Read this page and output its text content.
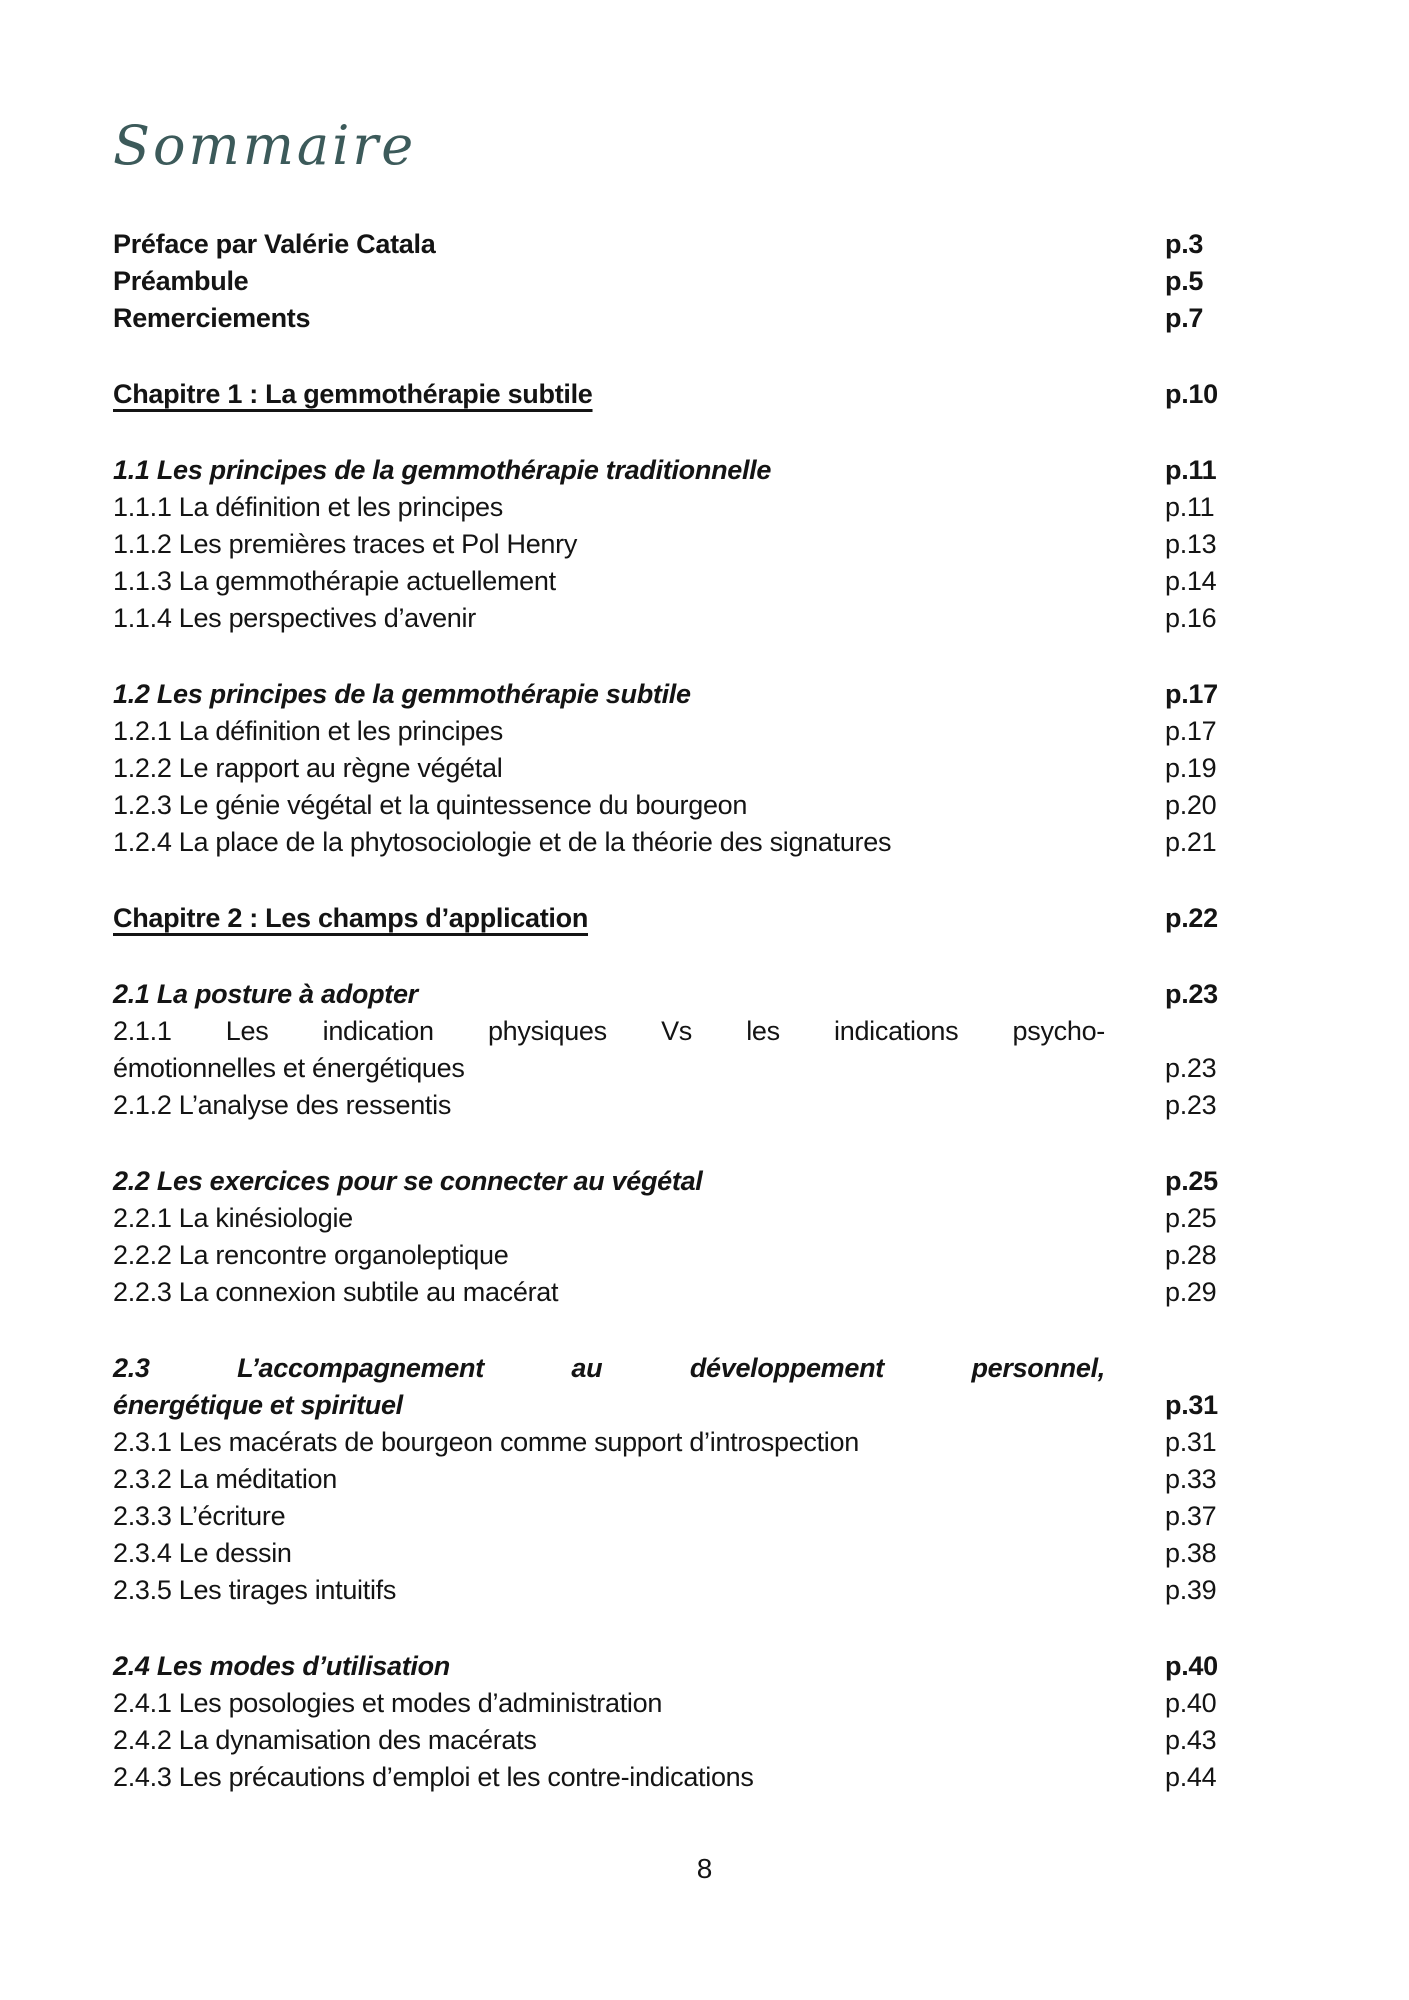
Sommaire
Préface par Valérie Catala	p.3
Préambule	p.5
Remerciements	p.7
Chapitre 1 : La gemmothérapie subtile	p.10
1.1 Les principes de la gemmothérapie traditionnelle	p.11
1.1.1 La définition et les principes	p.11
1.1.2 Les premières traces et Pol Henry	p.13
1.1.3 La gemmothérapie actuellement	p.14
1.1.4 Les perspectives d’avenir	p.16
1.2 Les principes de la gemmothérapie subtile	p.17
1.2.1 La définition et les principes	p.17
1.2.2 Le rapport au règne végétal	p.19
1.2.3 Le génie végétal et la quintessence du bourgeon	p.20
1.2.4 La place de la phytosociologie et de la théorie des signatures	p.21
Chapitre 2 : Les champs d’application	p.22
2.1 La posture à adopter	p.23
2.1.1 Les indication physiques Vs les indications psycho-
émotionnelles et énergétiques	p.23
2.1.2 L’analyse des ressentis	p.23
2.2 Les exercices pour se connecter au végétal	p.25
2.2.1 La kinésiologie	p.25
2.2.2 La rencontre organoleptique	p.28
2.2.3 La connexion subtile au macérat	p.29
2.3 L’accompagnement au développement personnel,
énergétique et spirituel	p.31
2.3.1 Les macérats de bourgeon comme support d’introspection	p.31
2.3.2 La méditation	p.33
2.3.3 L’écriture	p.37
2.3.4 Le dessin	p.38
2.3.5 Les tirages intuitifs	p.39
2.4 Les modes d’utilisation	p.40
2.4.1 Les posologies et modes d’administration	p.40
2.4.2 La dynamisation des macérats	p.43
2.4.3 Les précautions d’emploi et les contre-indications	p.44
8
